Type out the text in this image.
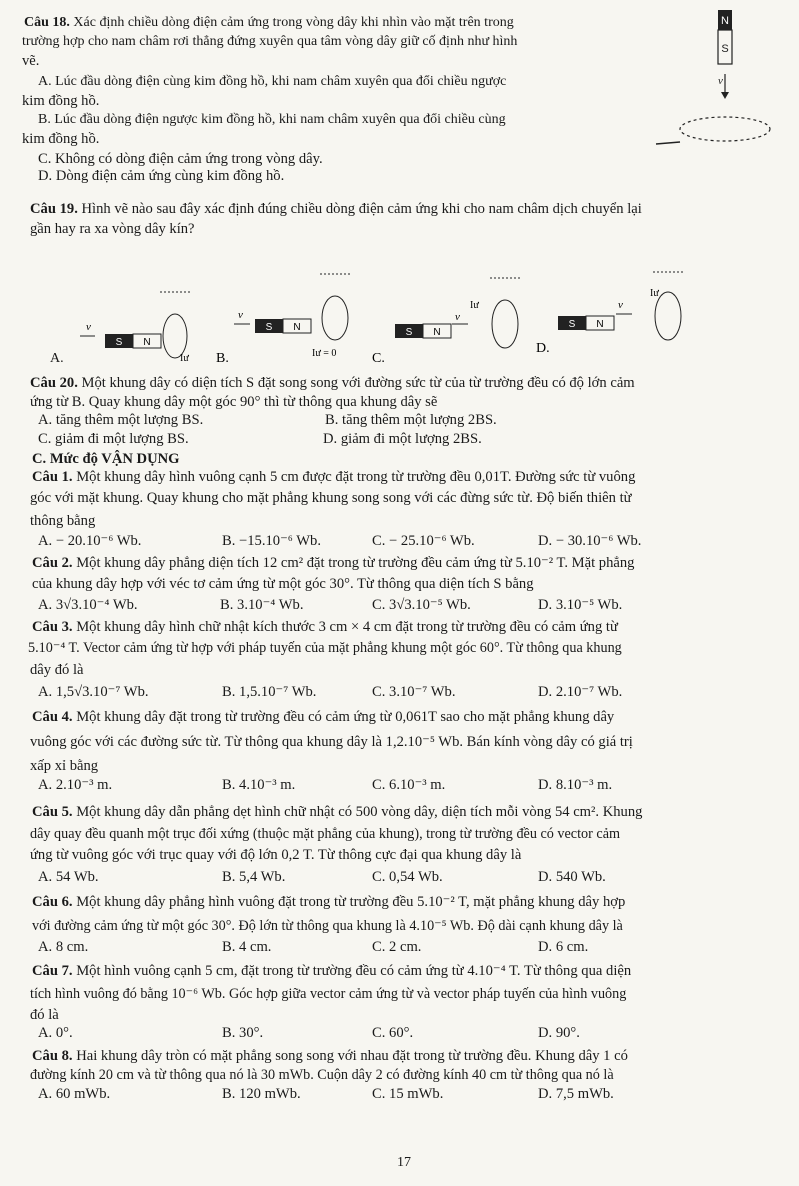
Câu 18. Xác định chiều dòng điện cảm ứng trong vòng dây khi nhìn vào mặt trên trong
trường hợp cho nam châm rơi thẳng đứng xuyên qua tâm vòng dây giữ cố định như hình
vẽ.
A. Lúc đầu dòng điện cùng kim đồng hồ, khi nam châm xuyên qua đổi chiều ngược
kim đồng hồ.
B. Lúc đầu dòng điện ngược kim đồng hồ, khi nam châm xuyên qua đổi chiều cùng
kim đồng hồ.
C. Không có dòng điện cảm ứng trong vòng dây.
D. Dòng điện cảm ứng cùng kim đồng hồ.
N
S
v
Câu 19. Hình vẽ nào sau đây xác định đúng chiều dòng điện cảm ứng khi cho nam châm dịch chuyển lại
gần hay ra xa vòng dây kín?
A.
v
S N
Iư B.
v
S N
Iư = 0	C.
S N
v
Iư
D.
S N
v
Iư
Câu 20. Một khung dây có diện tích S đặt song song với đường sức từ của từ trường đều có độ lớn cảm
ứng từ B. Quay khung dây một góc 90° thì từ thông qua khung dây sẽ
A. tăng thêm một lượng BS.	B. tăng thêm một lượng 2BS.
C. giảm đi một lượng BS.	D. giảm đi một lượng 2BS.
C. Mức độ VẬN DỤNG
Câu 1. Một khung dây hình vuông cạnh 5 cm được đặt trong từ trường đều 0,01T. Đường sức từ vuông
góc với mặt khung. Quay khung cho mặt phẳng khung song song với các đừng sức từ. Độ biến thiên từ
thông bằng
A. − 20.10⁻⁶ Wb.	B. −15.10⁻⁶ Wb.	C. − 25.10⁻⁶ Wb.	D. − 30.10⁻⁶ Wb.
Câu 2. Một khung dây phẳng diện tích 12 cm² đặt trong từ trường đều cảm ứng từ 5.10⁻² T. Mặt phẳng
của khung dây hợp với véc tơ cảm ứng từ một góc 30°. Từ thông qua diện tích S bằng
A. 3√3.10⁻⁴ Wb.	B. 3.10⁻⁴ Wb.	C. 3√3.10⁻⁵ Wb.	D. 3.10⁻⁵ Wb.
Câu 3. Một khung dây hình chữ nhật kích thước 3 cm × 4 cm đặt trong từ trường đều có cảm ứng từ
5.10⁻⁴ T. Vector cảm ứng từ hợp với pháp tuyến của mặt phẳng khung một góc 60°. Từ thông qua khung
dây đó là
A. 1,5√3.10⁻⁷ Wb.	B. 1,5.10⁻⁷ Wb.	C. 3.10⁻⁷ Wb.	D. 2.10⁻⁷ Wb.
Câu 4. Một khung dây đặt trong từ trường đều có cảm ứng từ 0,061T sao cho mặt phẳng khung dây
vuông góc với các đường sức từ. Từ thông qua khung dây là 1,2.10⁻⁵ Wb. Bán kính vòng dây có giá trị
xấp xỉ bằng
A. 2.10⁻³ m.	B. 4.10⁻³ m.	C. 6.10⁻³ m.	D. 8.10⁻³ m.
Câu 5. Một khung dây dẫn phẳng dẹt hình chữ nhật có 500 vòng dây, diện tích mỗi vòng 54 cm². Khung
dây quay đều quanh một trục đối xứng (thuộc mặt phẳng của khung), trong từ trường đều có vector cảm
ứng từ vuông góc với trục quay với độ lớn 0,2 T. Từ thông cực đại qua khung dây là
A. 54 Wb.	B. 5,4 Wb.	C. 0,54 Wb.	D. 540 Wb.
Câu 6. Một khung dây phẳng hình vuông đặt trong từ trường đều 5.10⁻² T, mặt phẳng khung dây hợp
với đường cảm ứng từ một góc 30°. Độ lớn từ thông qua khung là 4.10⁻⁵ Wb. Độ dài cạnh khung dây là
A. 8 cm.	B. 4 cm.	C. 2 cm.	D. 6 cm.
Câu 7. Một hình vuông cạnh 5 cm, đặt trong từ trường đều có cảm ứng từ 4.10⁻⁴ T. Từ thông qua diện
tích hình vuông đó bằng 10⁻⁶ Wb. Góc hợp giữa vector cảm ứng từ và vector pháp tuyến của hình vuông
đó là
A. 0°.	B. 30°.	C. 60°.	D. 90°.
Câu 8. Hai khung dây tròn có mặt phẳng song song với nhau đặt trong từ trường đều. Khung dây 1 có
đường kính 20 cm và từ thông qua nó là 30 mWb. Cuộn dây 2 có đường kính 40 cm từ thông qua nó là
A. 60 mWb.	B. 120 mWb.	C. 15 mWb.	D. 7,5 mWb.
17
